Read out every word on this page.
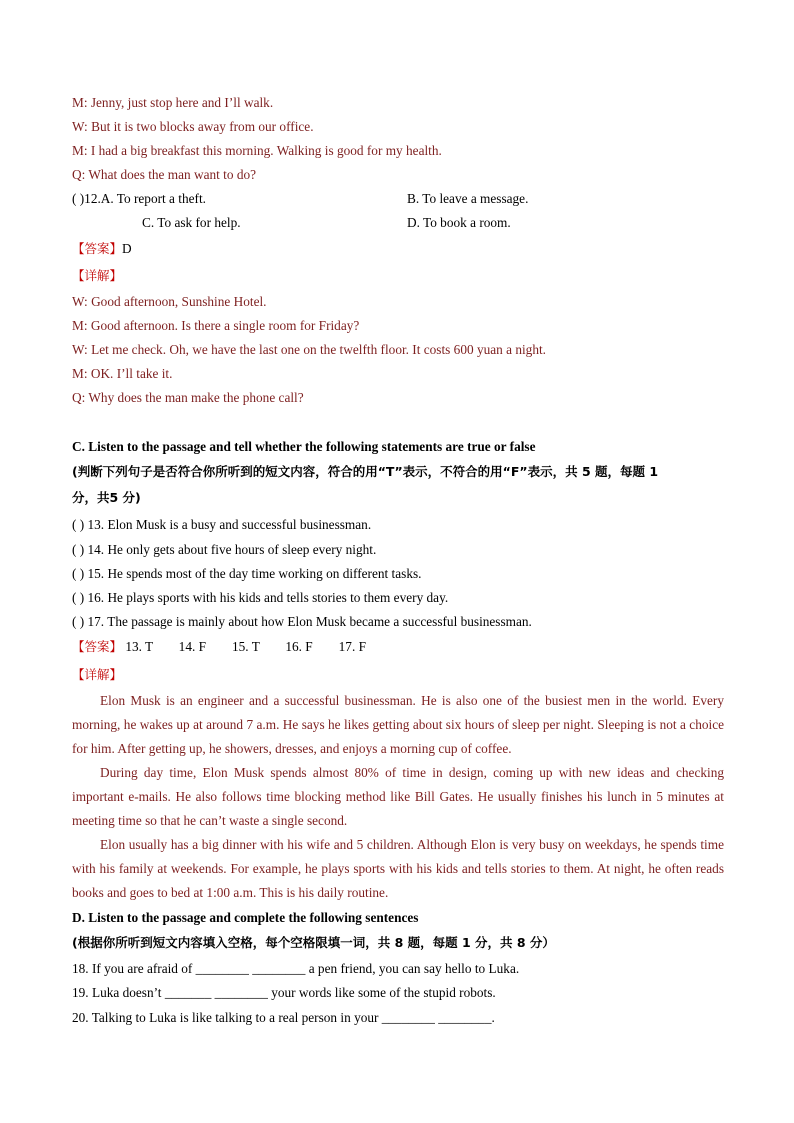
M: Jenny, just stop here and I’ll walk.
W: But it is two blocks away from our office.
M: I had a big breakfast this morning. Walking is good for my health.
Q: What does the man want to do?
( )12.A. To report a theft.	B. To leave a message.
C. To ask for help.	D. To book a room.
【答案】D
【详解】
W: Good afternoon, Sunshine Hotel.
M: Good afternoon. Is there a single room for Friday?
W: Let me check. Oh, we have the last one on the twelfth floor. It costs 600 yuan a night.
M: OK. I’ll take it.
Q: Why does the man make the phone call?
C. Listen to the passage and tell whether the following statements are true or false
(判断下列句子是否符合你所听到的短文内容，符合的用“T”表示，不符合的用“F”表示，共 5 题，每题 1
分，共5 分)
( ) 13. Elon Musk is a busy and successful businessman.
( ) 14. He only gets about five hours of sleep every night.
( ) 15. He spends most of the day time working on different tasks.
( ) 16. He plays sports with his kids and tells stories to them every day.
( ) 17. The passage is mainly about how Elon Musk became a successful businessman.
【答案】 13. T 14. F 15. T 16. F 17. F
【详解】
Elon Musk is an engineer and a successful businessman. He is also one of the busiest men in the world. Every morning, he wakes up at around 7 a.m. He says he likes getting about six hours of sleep per night. Sleeping is not a choice for him. After getting up, he showers, dresses, and enjoys a morning cup of coffee.
During day time, Elon Musk spends almost 80% of time in design, coming up with new ideas and checking important e-mails. He also follows time blocking method like Bill Gates. He usually finishes his lunch in 5 minutes at meeting time so that he can’t waste a single second.
Elon usually has a big dinner with his wife and 5 children. Although Elon is very busy on weekdays, he spends time with his family at weekends. For example, he plays sports with his kids and tells stories to them. At night, he often reads books and goes to bed at 1:00 a.m. This is his daily routine.
D. Listen to the passage and complete the following sentences
(根据你所听到短文内容填入空格，每个空格限填一词，共 8 题，每题 1 分，共 8 分）
18. If you are afraid of ________ ________ a pen friend, you can say hello to Luka.
19. Luka doesn’t _______ ________ your words like some of the stupid robots.
20. Talking to Luka is like talking to a real person in your ________ ________.
